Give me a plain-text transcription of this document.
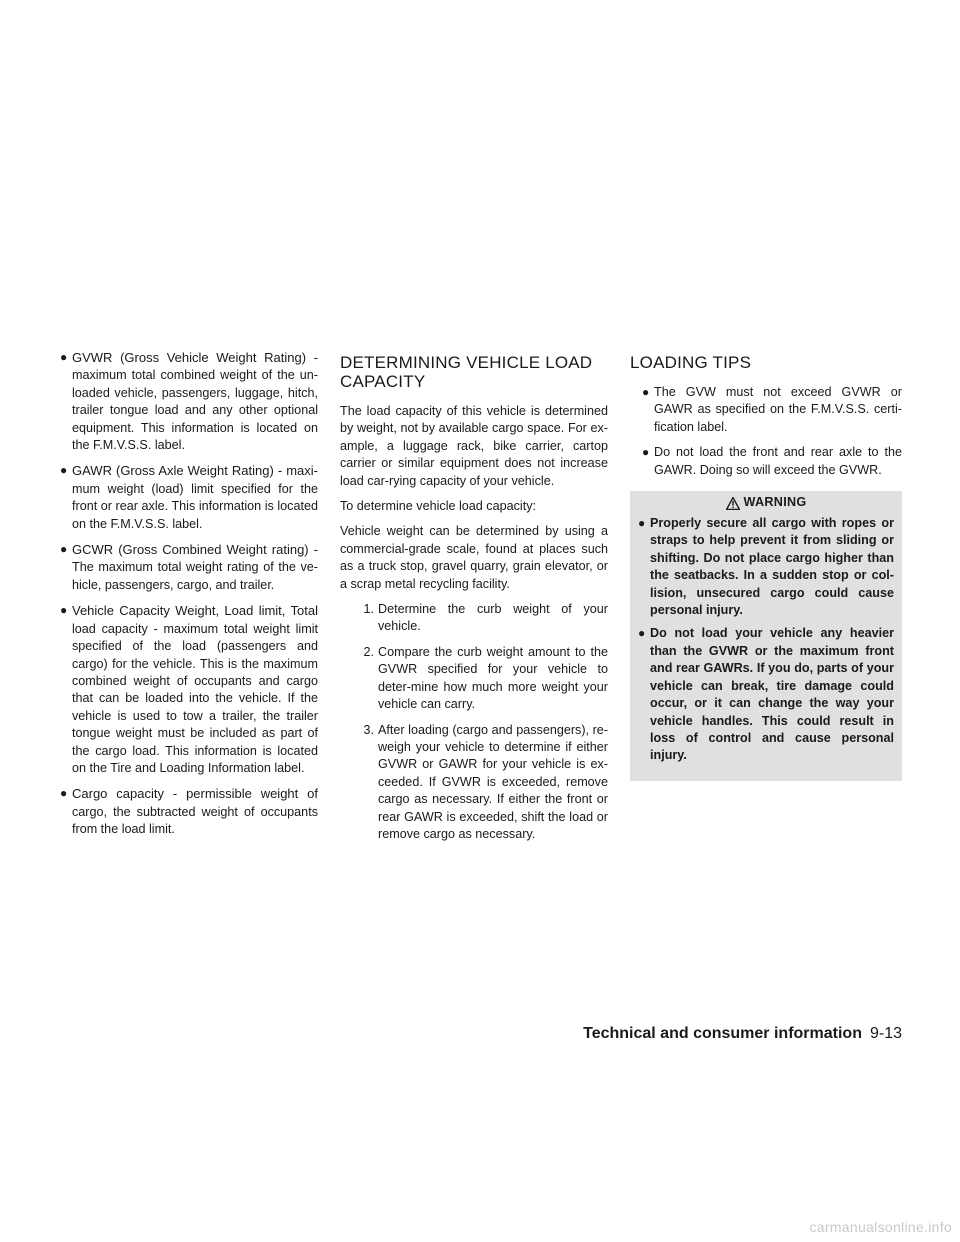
● GVWR (Gross Vehicle Weight Rating) - maximum total combined weight of the un-loaded vehicle, passengers, luggage, hitch, trailer tongue load and any other optional equipment. This information is located on the F.M.V.S.S. label.
● GAWR (Gross Axle Weight Rating) - maxi- mum weight (load) limit specified for the front or rear axle. This information is located on the F.M.V.S.S. label.
● GCWR (Gross Combined Weight rating) - The maximum total weight rating of the ve-hicle, passengers, cargo, and trailer.
● Vehicle Capacity Weight, Load limit, Total load capacity - maximum total weight limit specified of the load (passengers and cargo) for the vehicle. This is the maximum combined weight of occupants and cargo that can be loaded into the vehicle. If the vehicle is used to tow a trailer, the trailer tongue weight must be included as part of the cargo load. This information is located on the Tire and Loading Information label.
● Cargo capacity - permissible weight of cargo, the subtracted weight of occupants from the load limit.
DETERMINING VEHICLE LOAD
CAPACITY

The load capacity of this vehicle is determined by weight, not by available cargo space. For ex-ample, a luggage rack, bike carrier, cartop carrier or similar equipment does not increase load car-rying capacity of your vehicle.

To determine vehicle load capacity:

Vehicle weight can be determined by using a commercial-grade scale, found at places such as a truck stop, gravel quarry, grain elevator, or a scrap metal recycling facility.

1. Determine the curb weight of your vehicle.
2. Compare the curb weight amount to the GVWR specified for your vehicle to deter-mine how much more weight your vehicle can carry.
3. After loading (cargo and passengers), re-weigh your vehicle to determine if either GVWR or GAWR for your vehicle is ex-ceeded. If GVWR is exceeded, remove cargo as necessary. If either the front or rear GAWR is exceeded, shift the load or remove cargo as necessary.
LOADING TIPS
● The GVW must not exceed GVWR or GAWR as specified on the F.M.V.S.S. certi-fication label.
● Do not load the front and rear axle to the GAWR. Doing so will exceed the GVWR.
WARNING
● Properly secure all cargo with ropes or straps to help prevent it from sliding or shifting. Do not place cargo higher than the seatbacks. In a sudden stop or col-lision, unsecured cargo could cause personal injury.
● Do not load your vehicle any heavier than the GVWR or the maximum front and rear GAWRs. If you do, parts of your vehicle can break, tire damage could occur, or it can change the way your vehicle handles. This could result in loss of control and cause personal injury.
Technical and consumer information 9-13
carmanualsonline.info
